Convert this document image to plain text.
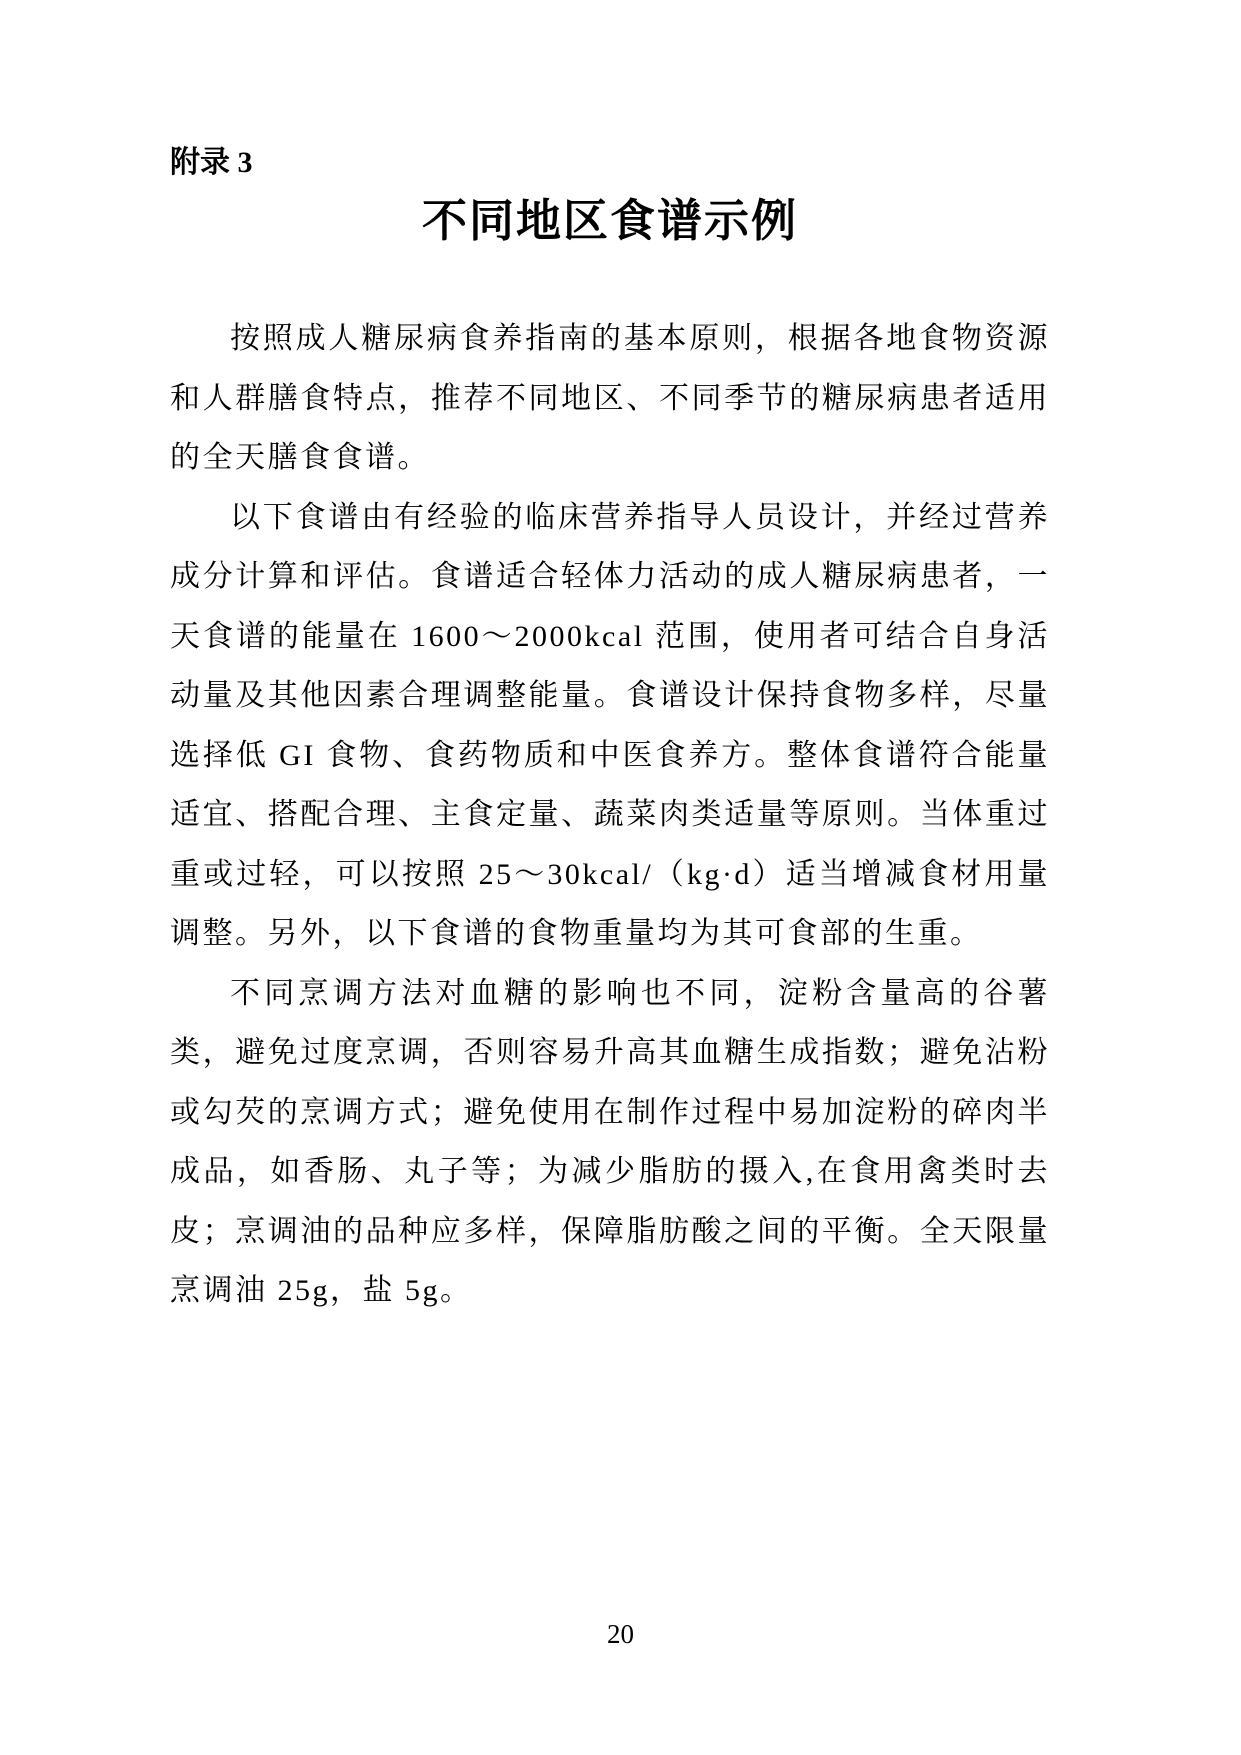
附录 3
不同地区食谱示例

按照成人糖尿病食养指南的基本原则，根据各地食物资源和人群膳食特点，推荐不同地区、不同季节的糖尿病患者适用的全天膳食食谱。

以下食谱由有经验的临床营养指导人员设计，并经过营养成分计算和评估。食谱适合轻体力活动的成人糖尿病患者，一天食谱的能量在 1600～2000kcal 范围，使用者可结合自身活动量及其他因素合理调整能量。食谱设计保持食物多样，尽量选择低 GI 食物、食药物质和中医食养方。整体食谱符合能量适宜、搭配合理、主食定量、蔬菜肉类适量等原则。当体重过重或过轻，可以按照 25～30kcal/（kg·d）适当增减食材用量调整。另外，以下食谱的食物重量均为其可食部的生重。

不同烹调方法对血糖的影响也不同，淀粉含量高的谷薯类，避免过度烹调，否则容易升高其血糖生成指数；避免沾粉或勾芡的烹调方式；避免使用在制作过程中易加淀粉的碎肉半成品，如香肠、丸子等；为减少脂肪的摄入,在食用禽类时去皮；烹调油的品种应多样，保障脂肪酸之间的平衡。全天限量烹调油 25g，盐 5g。

20
